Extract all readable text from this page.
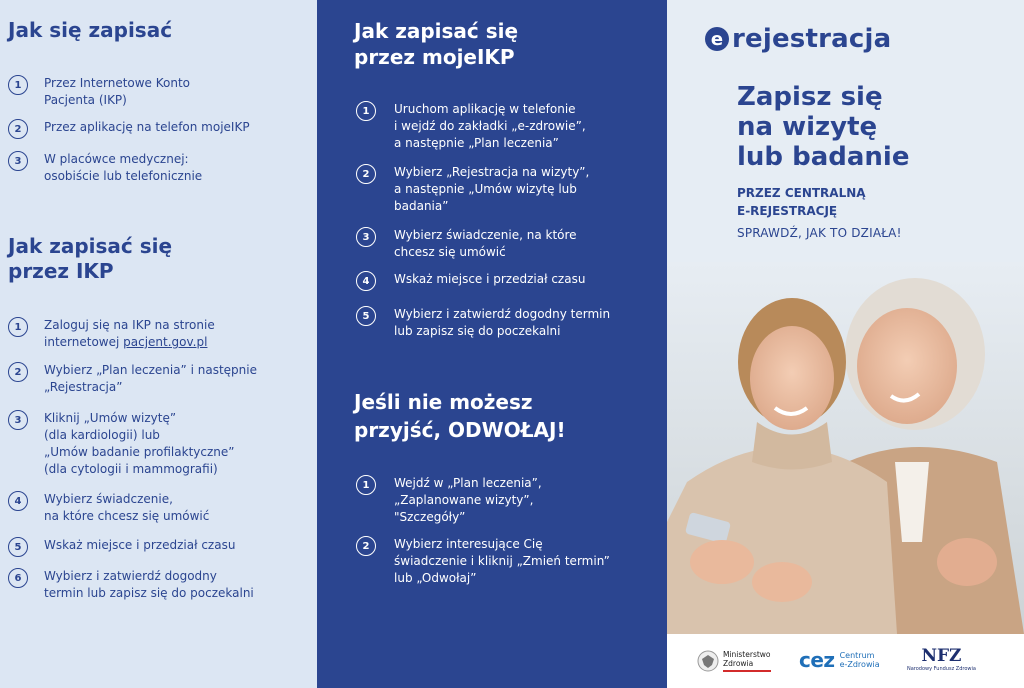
Jak się zapisać
1	Przez Internetowe Konto
Pacjenta (IKP)
2	Przez aplikację na telefon mojeIKP
3	W placówce medycznej:
osobiście lub telefonicznie
Jak zapisać się
przez IKP
1	Zaloguj się na IKP na stronie
internetowej pacjent.gov.pl
2	Wybierz „Plan leczenia” i następnie
„Rejestracja”
3	Kliknij „Umów wizytę”
(dla kardiologii) lub
„Umów badanie profilaktyczne”
(dla cytologii i mammografii)
4	Wybierz świadczenie,
na które chcesz się umówić
5	Wskaż miejsce i przedział czasu
6	Wybierz i zatwierdź dogodny
termin lub zapisz się do poczekalni
Jak zapisać się
przez mojeIKP
1	Uruchom aplikację w telefonie
i wejdź do zakładki „e-zdrowie”,
a następnie „Plan leczenia”
2	Wybierz „Rejestracja na wizyty”,
a następnie „Umów wizytę lub
badania”
3	Wybierz świadczenie, na które
chcesz się umówić
4	Wskaż miejsce i przedział czasu
5	Wybierz i zatwierdź dogodny termin
lub zapisz się do poczekalni
Jeśli nie możesz
przyjść, ODWOŁAJ!
1	Wejdź w „Plan leczenia”,
„Zaplanowane wizyty”,
"Szczegóły”
2	Wybierz interesujące Cię
świadczenie i kliknij „Zmień termin”
lub „Odwołaj”
e rejestracja
Zapisz się
na wizytę
lub badanie
PRZEZ CENTRALNĄ
E-REJESTRACJĘ
SPRAWDŹ, JAK TO DZIAŁA!
Ministerstwo
Zdrowia	cez Centrum
e-Zdrowia NFZ
Narodowy Fundusz Zdrowia
